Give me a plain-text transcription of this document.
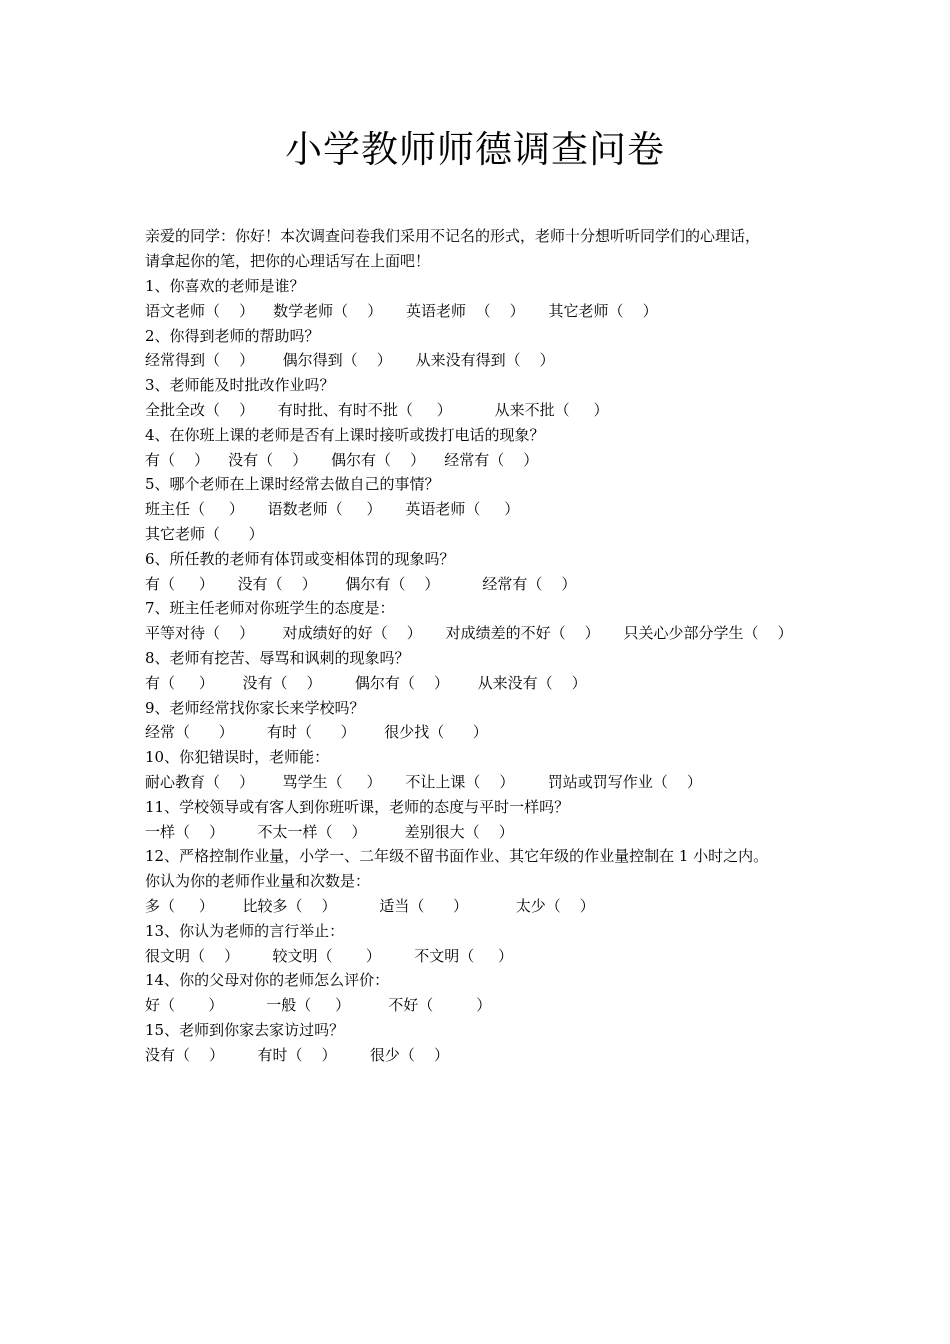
小学教师师德调查问卷

亲爱的同学：你好！本次调查问卷我们采用不记名的形式，老师十分想听听同学们的心理话，

请拿起你的笔，把你的心理话写在上面吧！

1、你喜欢的老师是谁？
语文老师（    ）    数学老师（    ）     英语老师  （    ）     其它老师（    ）
2、你得到老师的帮助吗？
经常得到（    ）      偶尔得到（    ）     从来没有得到（    ）
3、老师能及时批改作业吗？
全批全改（    ）     有时批、有时不批（     ）         从来不批（     ）
4、在你班上课的老师是否有上课时接听或拨打电话的现象？
有（    ）    没有（    ）     偶尔有（    ）    经常有（    ）
5、哪个老师在上课时经常去做自己的事情？
班主任（     ）     语数老师（     ）     英语老师（     ）
其它老师（      ）
6、所任教的老师有体罚或变相体罚的现象吗？
有（     ）     没有（    ）      偶尔有（    ）         经常有（    ）
7、班主任老师对你班学生的态度是：
平等对待（    ）      对成绩好的好（    ）     对成绩差的不好（    ）     只关心少部分学生（    ）
8、老师有挖苦、辱骂和讽刺的现象吗？
有（     ）      没有（    ）       偶尔有（    ）      从来没有（    ）
9、老师经常找你家长来学校吗？
经常（      ）       有时（      ）      很少找（      ）
10、你犯错误时，老师能：
耐心教育（    ）      骂学生（     ）     不让上课（    ）       罚站或罚写作业（    ）
11、学校领导或有客人到你班听课，老师的态度与平时一样吗？
一样（    ）       不太一样（    ）        差别很大（    ）
12、严格控制作业量，小学一、二年级不留书面作业、其它年级的作业量控制在 1 小时之内。
你认为你的老师作业量和次数是：
多（     ）      比较多（    ）         适当（      ）          太少（    ）
13、你认为老师的言行举止：
很文明（    ）       较文明（       ）       不文明（     ）
14、你的父母对你的老师怎么评价：
好（       ）         一般（     ）        不好（         ）
15、老师到你家去家访过吗？
没有（    ）       有时（    ）       很少（    ）
